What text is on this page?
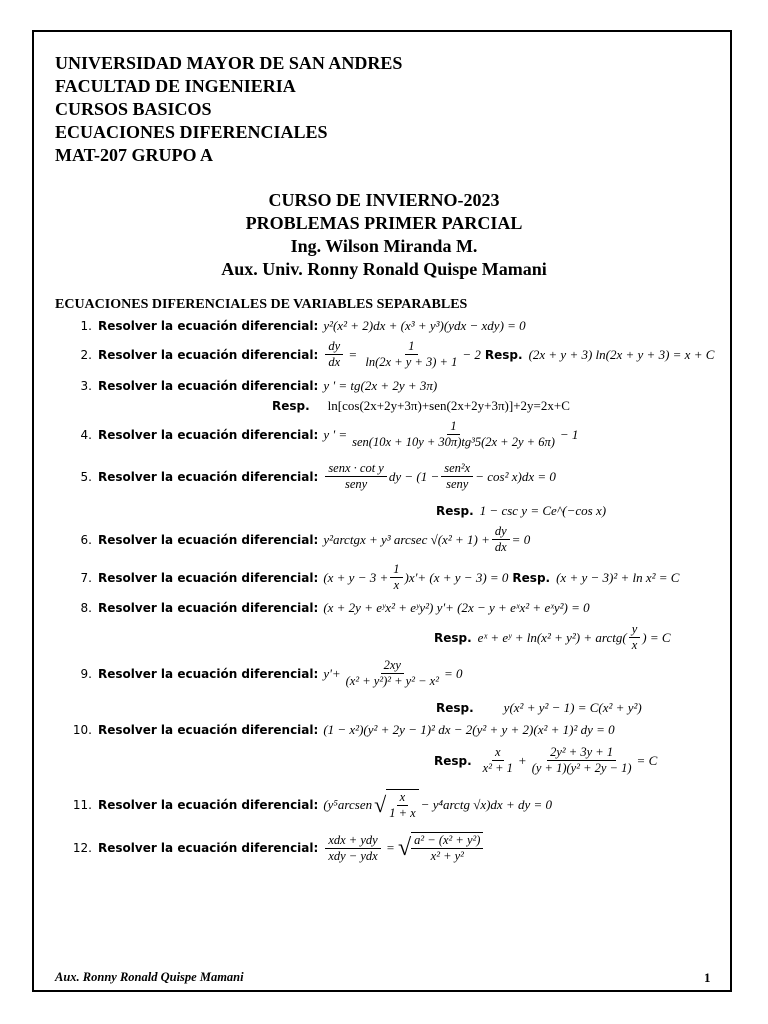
UNIVERSIDAD MAYOR DE SAN ANDRES
FACULTAD DE INGENIERIA
CURSOS BASICOS
ECUACIONES DIFERENCIALES
MAT-207 GRUPO A
CURSO DE INVIERNO-2023
PROBLEMAS PRIMER PARCIAL
Ing. Wilson Miranda M.
Aux. Univ. Ronny Ronald Quispe Mamani
ECUACIONES DIFERENCIALES DE VARIABLES SEPARABLES
1. Resolver la ecuación diferencial: y²(x² + 2)dx + (x³ + y³)(ydx − xdy) = 0
2. Resolver la ecuación diferencial: $\frac{dy}{dx} = \frac{1}{\ln(2x + y + 3) + 1} - 2$ Resp. (2x + y + 3) ln(2x + y + 3) = x + C
3. Resolver la ecuación diferencial: y ' = tg(2x + 2y + 3π)
Resp.	ln[cos(2x+2y+3π)+sen(2x+2y+3π)]+2y=2x+C
4. Resolver la ecuación diferencial: y ' = $\frac{1}{\text{sen(10x + 10y + 30π)tg³5(2x + 2y + 6π)}} - 1$
5. Resolver la ecuación diferencial: $\frac{\text{senx · cot y}}{\text{seny}}$ dy − ($1 - \frac{\text{sen²x}}{\text{seny}} - \cos^2$ x)dx = 0
Resp. 1 − csc y = Ce^(−cos x)
6. Resolver la ecuación diferencial: y²arctgx + y³ arcsec $√(x^2 + 1) + \frac{dy}{dx} = 0$
7. Resolver la ecuación diferencial: $(x + y - 3 + \frac{1}{x} )x'+ (x + y - 3) = 0$ Resp. (x + y − 3)² + ln x² = C
8. Resolver la ecuación diferencial: (x + 2y + eʸx² + eʸy²) y'+ (2x − y + eˣx² + eˣy²) = 0
Resp. eˣ + eʸ + ln(x² + y²) + arctg( $\frac{y}{x}$ ) = C
9. Resolver la ecuación diferencial: $y'+ \frac{2xy}{\text{(x² + y²)² + y² − x²}} = 0$
Resp.	y(x² + y² − 1) = C(x² + y²)
10. Resolver la ecuación diferencial: (1 − x²)(y² + 2y − 1)² dx − 2(y² + y + 2)(x² + 1)² dy = 0
Resp. $\frac{x}{\text{x² + 1}} + \frac{\text{2y² + 3y + 1}}{\text{(y + 1)(y² + 2y − 1)}} = C$
11. Resolver la ecuación diferencial: (y⁵arcsen √ $\frac{x}{1 + x}$ − y⁴arctg √x)dx + dy = 0
12. Resolver la ecuación diferencial: $\frac{\text{xdx + ydy}}{\text{xdy − ydx}}$ = √ $\frac{\text{a² − (x² + y²)}}{\text{x² + y²}}$
Aux. Ronny Ronald Quispe Mamani	1
